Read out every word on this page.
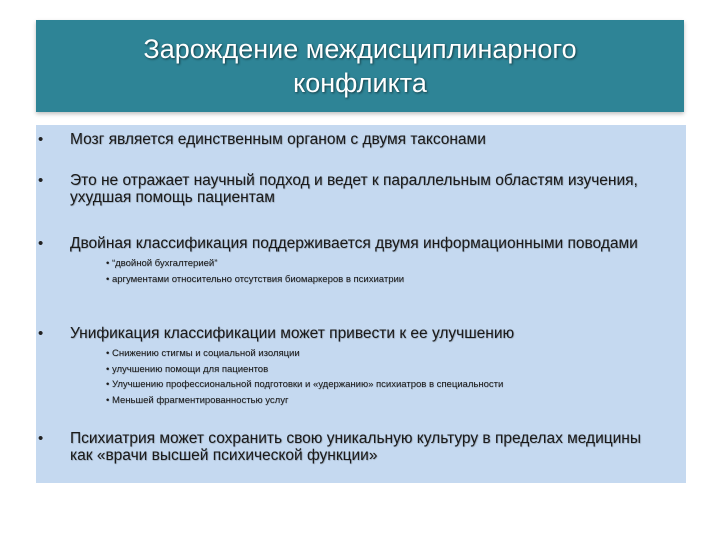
Зарождение междисциплинарного
конфликта
• Мозг является единственным органом с двумя таксонами
• Это не отражает научный подход и ведет к параллельным областям изучения, ухудшая помощь пациентам
• Двойная классификация поддерживается двумя информационными поводами
• “двойной бухгалтерией”
• аргументами относительно отсутствия биомаркеров в психиатрии
• Унификация классификации может привести к ее улучшению
• Снижению стигмы и социальной изоляции
• улучшению помощи для пациентов
• Улучшению профессиональной подготовки и «удержанию» психиатров в специальности
• Меньшей фрагментированностью услуг
• Психиатрия может сохранить свою уникальную культуру в пределах медицины как «врачи высшей психической функции»
